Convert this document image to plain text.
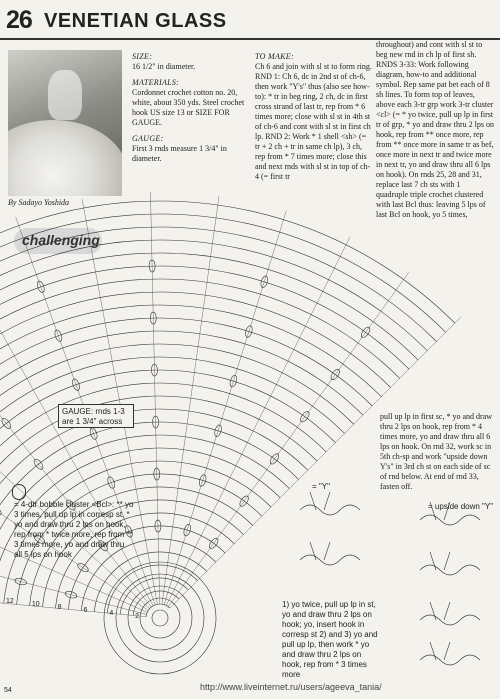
26 VENETIAN GLASS
By Sadayo Yoshida
challenging

SIZE:

16 1/2" in diameter.

MATERIALS:

Cordonnet crochet cotton no. 20, white, about 350 yds. Steel crochet hook US size 13 or SIZE FOR GAUGE.

GAUGE:

First 3 rnds measure 1 3/4" in diameter.

TO MAKE:

Ch 6 and join with sl st to form ring. RND 1: Ch 6, dc in 2nd st of ch-6, then work "Y's" thus (also see how-to): * tr in beg ring, 2 ch, dc in first cross strand of last tr, rep from * 6 times more; close with sl st in 4th st of ch-6 and cont with sl st in first ch lp. RND 2: Work * 1 shell <sh> (= tr + 2 ch + tr in same ch lp), 3 ch, rep from * 7 times more; close this and next rnds with sl st in top of ch-4 (= first tr

throughout) and cont with sl st to beg new rnd in ch lp of first sh. RNDS 3-33: Work following diagram, how-to and additional symbol. Rep same pat bet each of 8 sh lines. To form top of leaves, above each 3-tr grp work 3-tr cluster <cl> (= * yo twice, pull up lp in first tr of grp, * yo and draw thru 2 lps on hook, rep from ** once more, rep from ** once more in same tr as bef, once more in next tr and twice more in next tr, yo and draw thru all 6 lps on hook). On rnds 25, 28 and 31, replace last 7 ch sts with 1 quadruple triple crochet clustered with last Bcl thus: leaving 5 lps of last Bcl on hook, yo 5 times,

pull up lp in first sc, * yo and draw thru 2 lps on hook, rep from * 4 times more, yo and draw thru all 6 lps on hook. On rnd 32, work sc in 5th ch-sp and work "upside down Y's" in 3rd ch st on each side of sc of rnd below. At end of rnd 33, fasten off.

2
4
6
8
10
12
GAUGE: rnds 1-3 are 1 3/4" across
= 4-dtr bobble cluster <Bcl>: ** yo 3 times, pull up lp in corresp st, * yo and draw thru 2 lps on hook, rep from * twice more, rep from ** 3 times more, yo and draw thru all 5 lps on hook
= "Y"
= upside down "Y"
1) yo twice, pull up lp in st, yo and draw thru 2 lps on hook; yo, insert hook in corresp st 2) and 3) yo and pull up lp, then work * yo and draw thru 2 lps on hook, rep from * 3 times more
54	http://www.liveinternet.ru/users/ageeva_tania/
